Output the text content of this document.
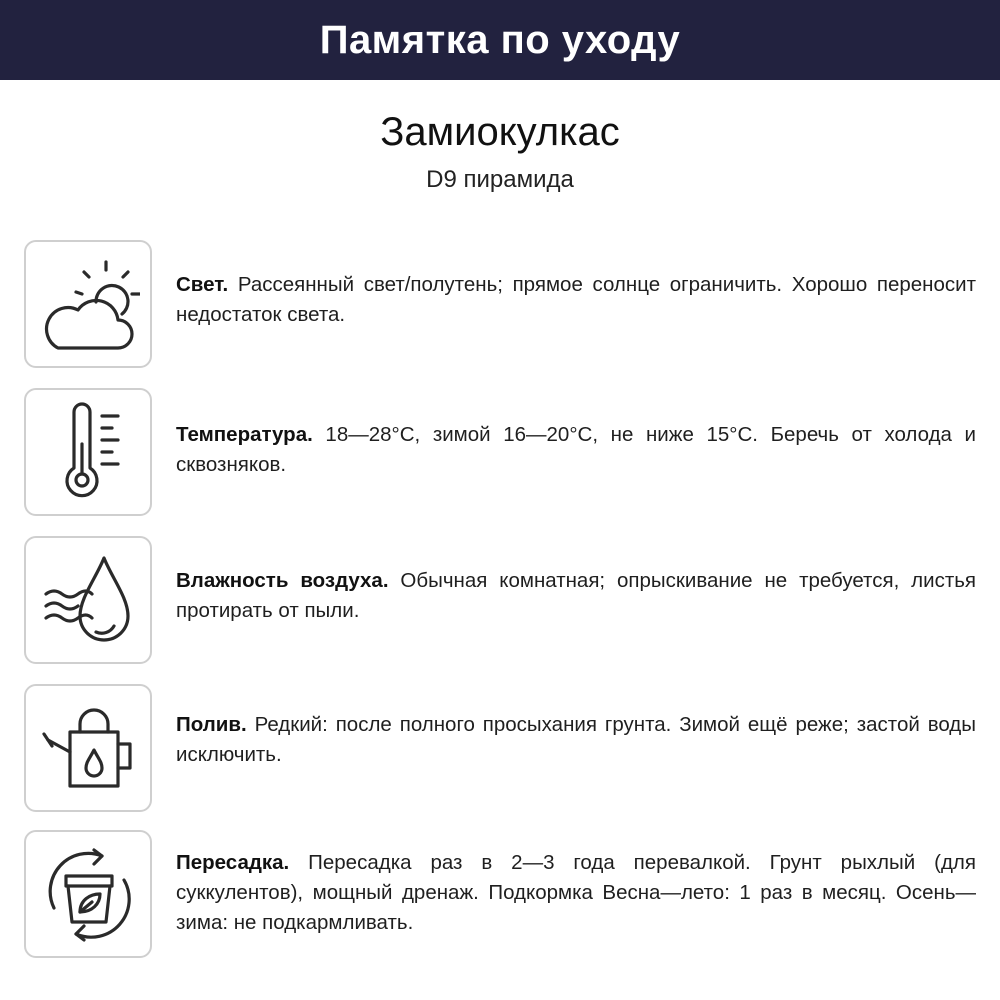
Памятка по уходу
Замиокулкас
D9 пирамида
Свет. Рассеянный свет/полутень; прямое солнце ограничить. Хорошо переносит недостаток света.
Температура. 18—28°C, зимой 16—20°C, не ниже 15°C. Беречь от холода и сквозняков.
Влажность воздуха. Обычная комнатная; опрыскивание не требуется, листья протирать от пыли.
Полив. Редкий: после полного просыхания грунта. Зимой ещё реже; застой воды исключить.
Пересадка. Пересадка раз в 2—3 года перевалкой. Грунт рыхлый (для суккулентов), мощный дренаж. Подкормка Весна—лето: 1 раз в месяц. Осень—зима: не подкармливать.
